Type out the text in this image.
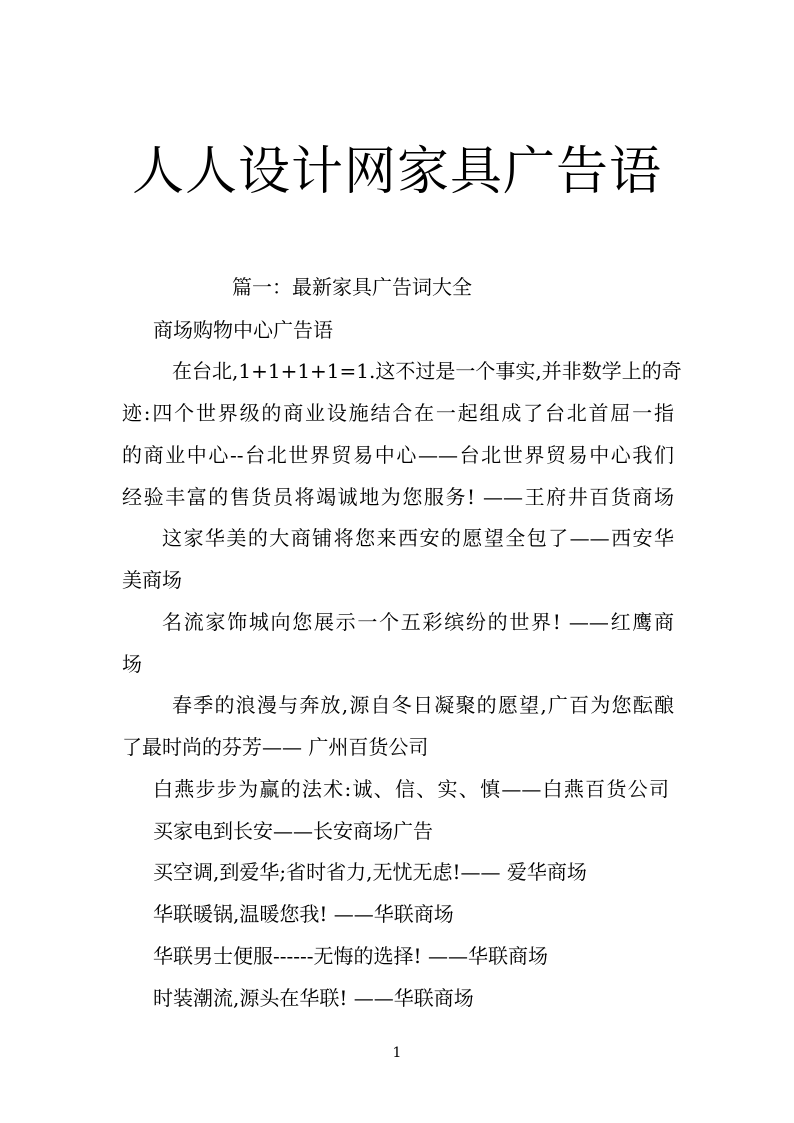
人人设计网家具广告语
篇一：最新家具广告词大全

商场购物中心广告语

在台北,1+1+1+1=1.这不过是一个事实,并非数学上的奇

迹:四个世界级的商业设施结合在一起组成了台北首屈一指

的商业中心--台北世界贸易中心——台北世界贸易中心我们

经验丰富的售货员将竭诚地为您服务! ——王府井百货商场

这家华美的大商铺将您来西安的愿望全包了——西安华

美商场

名流家饰城向您展示一个五彩缤纷的世界! ——红鹰商

场

春季的浪漫与奔放,源自冬日凝聚的愿望,广百为您酝酿

了最时尚的芬芳—— 广州百货公司

白燕步步为赢的法术:诚、信、实、慎——白燕百货公司

买家电到长安——长安商场广告

买空调,到爱华;省时省力,无忧无虑!—— 爱华商场

华联暖锅,温暖您我! ——华联商场

华联男士便服------无悔的选择! ——华联商场

时装潮流,源头在华联! ——华联商场

1
